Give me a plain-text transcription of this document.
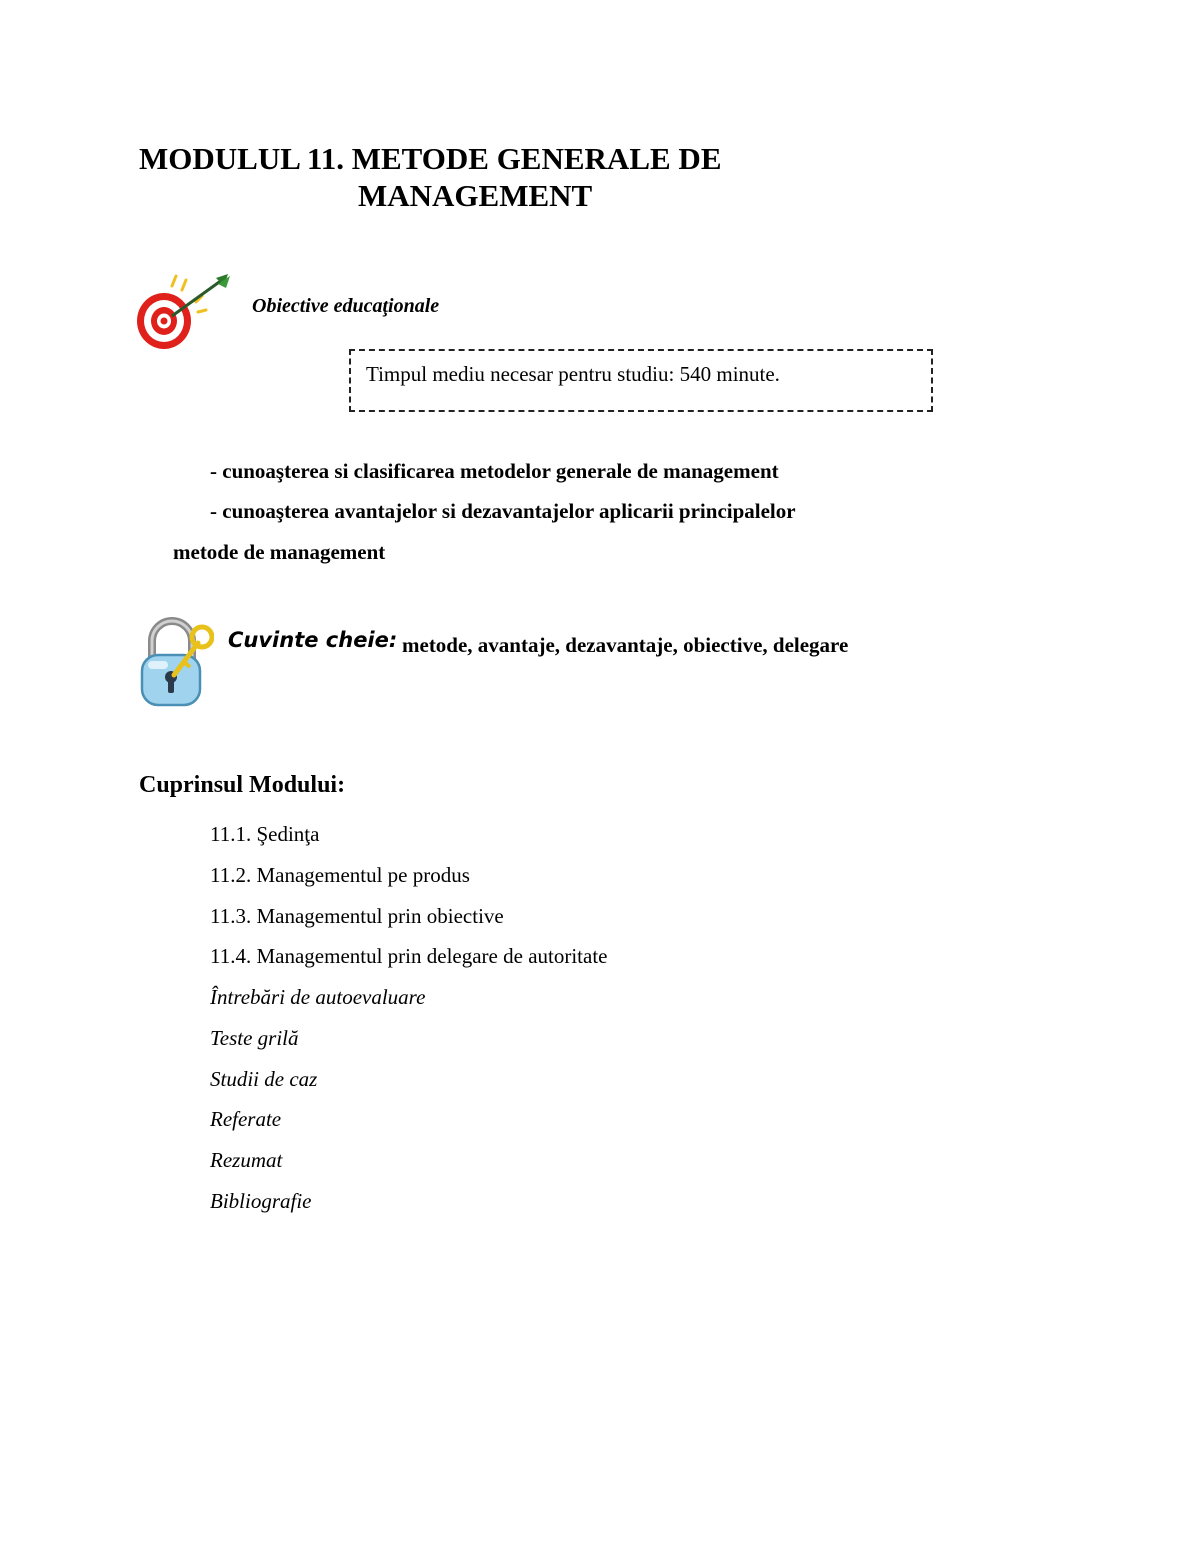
MODULUL 11. METODE GENERALE DE
MANAGEMENT
Obiective educaţionale
Timpul mediu necesar pentru studiu: 540 minute.
- cunoaşterea si clasificarea metodelor generale de management
- cunoaşterea avantajelor si dezavantajelor aplicarii principalelor
metode de management
Cuvinte cheie: metode, avantaje, dezavantaje, obiective, delegare
Cuprinsul Modului:
11.1. Şedinţa
11.2. Managementul pe produs
11.3. Managementul prin obiective
11.4. Managementul prin delegare de autoritate
Întrebări de autoevaluare
Teste grilă
Studii de caz
Referate
Rezumat
Bibliografie
